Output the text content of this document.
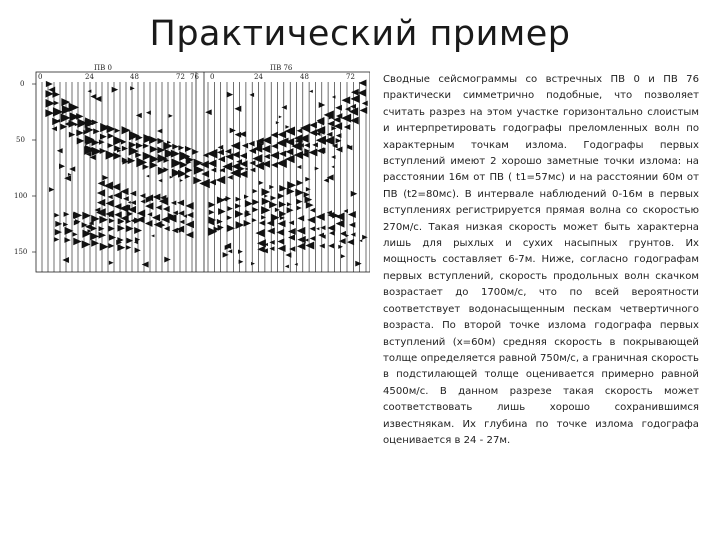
Практический пример
ПВ 0	ПВ 76
0	24	48	72	0	24	48	72
76
0
50
100
150
Сводные сейсмограммы со встречных ПВ 0 и ПВ 76 практически симметрично подобные, что позволяет считать разрез на этом участке горизонтально слоистым и интерпретировать годографы преломленных волн по характерным точкам излома. Годографы первых вступлений имеют 2 хорошо заметные точки излома: на расстоянии 16м от ПВ ( t1=57мс) и на расстоянии 60м от ПВ (t2=80мс). В интервале наблюдений 0-16м в первых вступлениях регистрируется прямая волна со скоростью 270м/с. Такая низкая скорость может быть характерна лишь для рыхлых и сухих насыпных грунтов. Их мощность составляет 6-7м. Ниже, согласно годографам первых вступлений, скорость продольных волн скачком возрастает до 1700м/с, что по всей вероятности соответствует водонасыщенным пескам четвертичного возраста. По второй точке излома годографа первых вступлений (х=60м) средняя скорость в покрывающей толще определяется равной 750м/с, а граничная скорость в подстилающей толще оценивается примерно равной 4500м/с. В данном разрезе такая скорость может соответствовать лишь хорошо сохранившимся известнякам. Их глубина по точке излома годографа оценивается в 24 - 27м.
